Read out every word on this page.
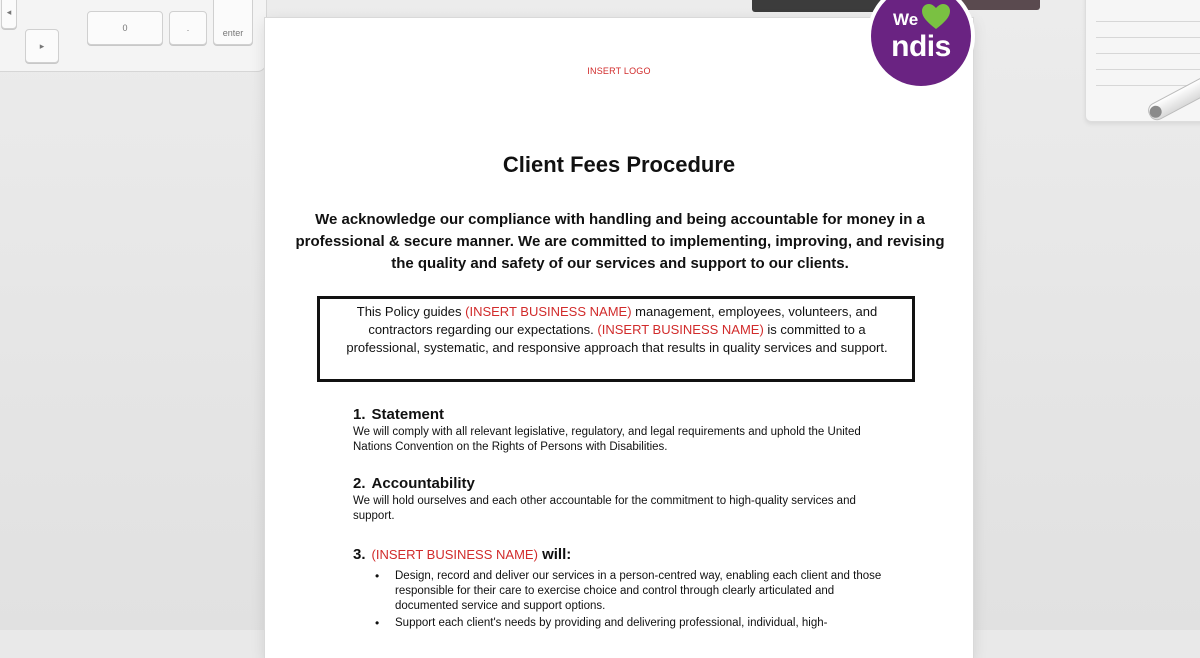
◂
▸
0	.	enter
INSERT LOGO
Client Fees Procedure
We acknowledge our compliance with handling and being accountable for money in a professional & secure manner. We are committed to implementing, improving, and revising the quality and safety of our services and support to our clients.
This Policy guides (INSERT BUSINESS NAME) management, employees, volunteers, and contractors regarding our expectations. (INSERT BUSINESS NAME) is committed to a professional, systematic, and responsive approach that results in quality services and support.

1. Statement

We will comply with all relevant legislative, regulatory, and legal requirements and uphold the United Nations Convention on the Rights of Persons with Disabilities.

2. Accountability

We will hold ourselves and each other accountable for the commitment to high-quality services and support.

3. (INSERT BUSINESS NAME) will:

• Design, record and deliver our services in a person-centred way, enabling each client and those responsible for their care to exercise choice and control through clearly articulated and documented service and support options.
• Support each client's needs by providing and delivering professional, individual, high-
We
ndis
